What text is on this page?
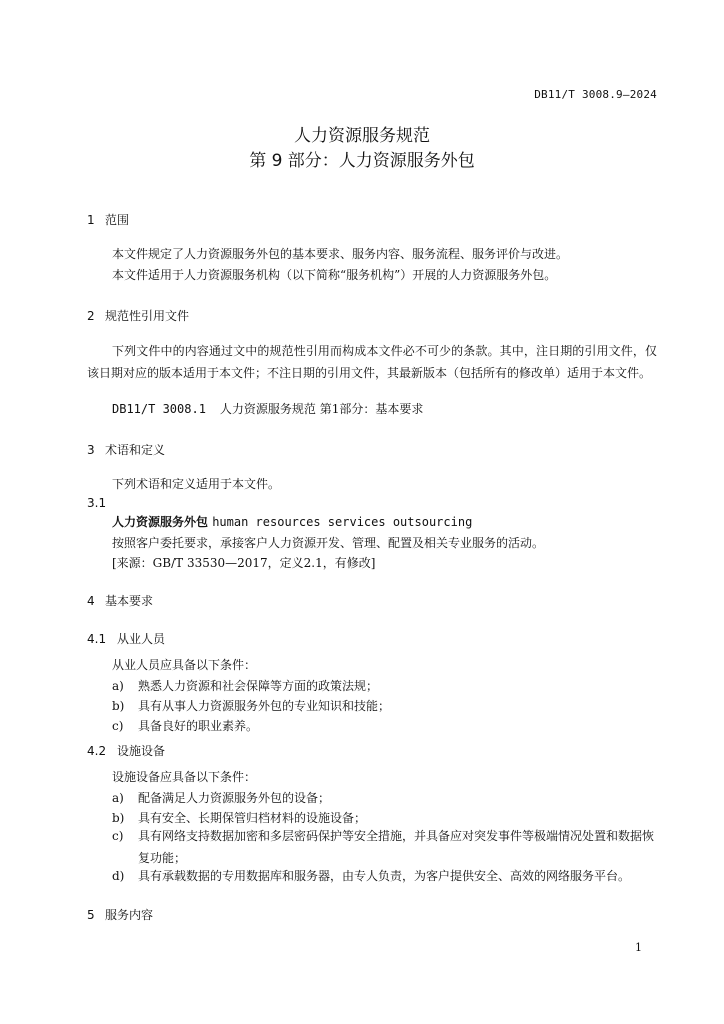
DB11/T 3008.9—2024
人力资源服务规范
第 9 部分：人力资源服务外包
1 范围
本文件规定了人力资源服务外包的基本要求、服务内容、服务流程、服务评价与改进。
本文件适用于人力资源服务机构（以下简称“服务机构”）开展的人力资源服务外包。
2 规范性引用文件
下列文件中的内容通过文中的规范性引用而构成本文件必不可少的条款。其中，注日期的引用文件，仅该日期对应的版本适用于本文件；不注日期的引用文件，其最新版本（包括所有的修改单）适用于本文件。
DB11/T 3008.1 人力资源服务规范 第1部分：基本要求
3 术语和定义
下列术语和定义适用于本文件。
3.1
人力资源服务外包 human resources services outsourcing
按照客户委托要求，承接客户人力资源开发、管理、配置及相关专业服务的活动。
[来源：GB/T 33530—2017，定义2.1，有修改]
4 基本要求
4.1 从业人员
从业人员应具备以下条件：
a)	熟悉人力资源和社会保障等方面的政策法规；
b)	具有从事人力资源服务外包的专业知识和技能；
c)	具备良好的职业素养。
4.2 设施设备
设施设备应具备以下条件：
a)	配备满足人力资源服务外包的设备；
b)	具有安全、长期保管归档材料的设施设备；
c)	具有网络支持数据加密和多层密码保护等安全措施，并具备应对突发事件等极端情况处置和数据恢复功能；
d)	具有承载数据的专用数据库和服务器，由专人负责，为客户提供安全、高效的网络服务平台。
5 服务内容
1
